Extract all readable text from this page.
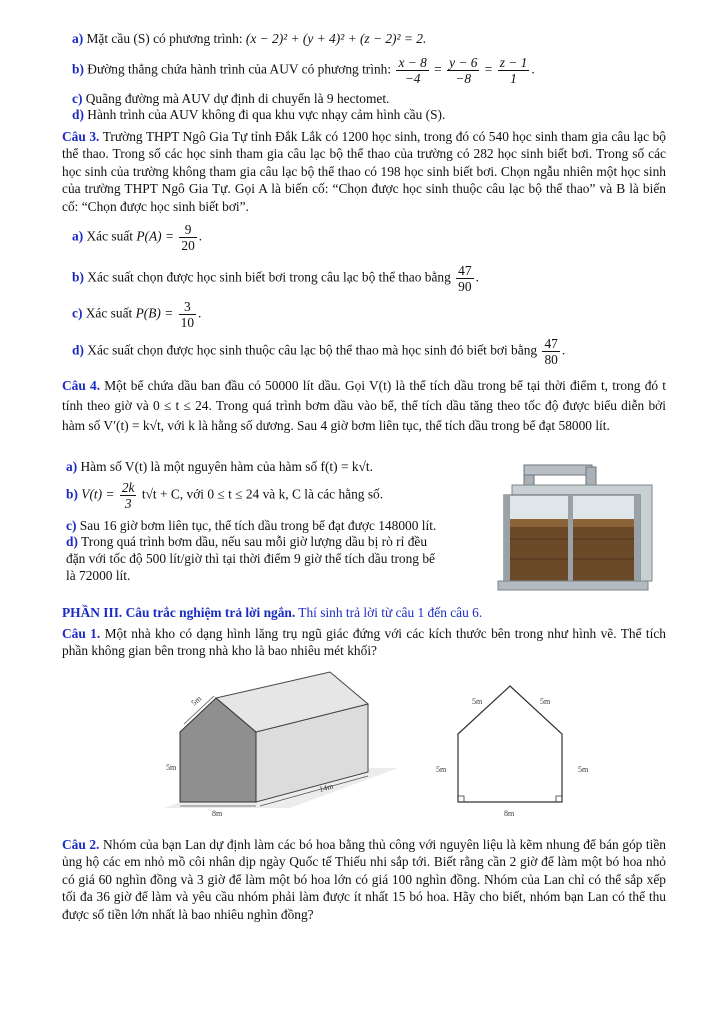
a) Mặt cầu (S) có phương trình: (x − 2)² + (y + 4)² + (z − 2)² = 2.
b) Đường thẳng chứa hành trình của AUV có phương trình: $\frac{x - 8}{-4} = \frac{y - 6}{-8} = \frac{z - 1}{1}$ .
c) Quãng đường mà AUV dự định di chuyển là 9 hectomet.
d) Hành trình của AUV không đi qua khu vực nhạy cảm hình cầu (S).
Câu 3. Trường THPT Ngô Gia Tự tỉnh Đắk Lắk có 1200 học sinh, trong đó có 540 học sinh tham gia câu lạc bộ thể thao. Trong số các học sinh tham gia câu lạc bộ thể thao của trường có 282 học sinh biết bơi. Trong số các học sinh của trường không tham gia câu lạc bộ thể thao có 198 học sinh biết bơi. Chọn ngẫu nhiên một học sinh của trường THPT Ngô Gia Tự. Gọi A là biến cố: “Chọn được học sinh thuộc câu lạc bộ thể thao” và B là biến cố: “Chọn được học sinh biết bơi”.
a) Xác suất $P(A) = \frac{9}{20}$ .
b) Xác suất chọn được học sinh biết bơi trong câu lạc bộ thể thao bằng $\frac{47}{90}$ .
c) Xác suất $P(B) = \frac{3}{10}$ .
d) Xác suất chọn được học sinh thuộc câu lạc bộ thể thao mà học sinh đó biết bơi bằng $\frac{47}{80}$ .
Câu 4. Một bể chứa dầu ban đầu có 50000 lít dầu. Gọi V(t) là thể tích dầu trong bể tại thời điểm t, trong đó t tính theo giờ và 0 ≤ t ≤ 24. Trong quá trình bơm dầu vào bể, thể tích dầu tăng theo tốc độ được biểu diễn bởi hàm số V′(t) = k√t, với k là hằng số dương. Sau 4 giờ bơm liên tục, thể tích dầu trong bể đạt 58000 lít.
a) Hàm số V(t) là một nguyên hàm của hàm số f(t) = k√t.
b) $V(t) = \frac{2k}{3} t√t + C$, với 0 ≤ t ≤ 24 và k, C là các hằng số.
c) Sau 16 giờ bơm liên tục, thể tích dầu trong bể đạt được 148000 lít.
d) Trong quá trình bơm dầu, nếu sau mỗi giờ lượng dầu bị rò rỉ đều
đặn với tốc độ 500 lít/giờ thì tại thời điểm 9 giờ thể tích dầu trong bể
là 72000 lít.
PHẦN III. Câu trắc nghiệm trả lời ngắn. Thí sinh trả lời từ câu 1 đến câu 6.
Câu 1. Một nhà kho có dạng hình lăng trụ ngũ giác đứng với các kích thước bên trong như hình vẽ. Thể tích phần không gian bên trong nhà kho là bao nhiêu mét khối?
5m
5m
8m
14m
5m	5m
5m	5m
8m
Câu 2. Nhóm của bạn Lan dự định làm các bó hoa bằng thủ công với nguyên liệu là kẽm nhung để bán góp tiền ủng hộ các em nhỏ mồ côi nhân dịp ngày Quốc tế Thiếu nhi sắp tới. Biết rằng cần 2 giờ để làm một bó hoa nhỏ có giá 60 nghìn đồng và 3 giờ để làm một bó hoa lớn có giá 100 nghìn đồng. Nhóm của Lan chỉ có thể sắp xếp tối đa 36 giờ để làm và yêu cầu nhóm phải làm được ít nhất 15 bó hoa. Hãy cho biết, nhóm bạn Lan có thể thu được số tiền lớn nhất là bao nhiêu nghìn đồng?
